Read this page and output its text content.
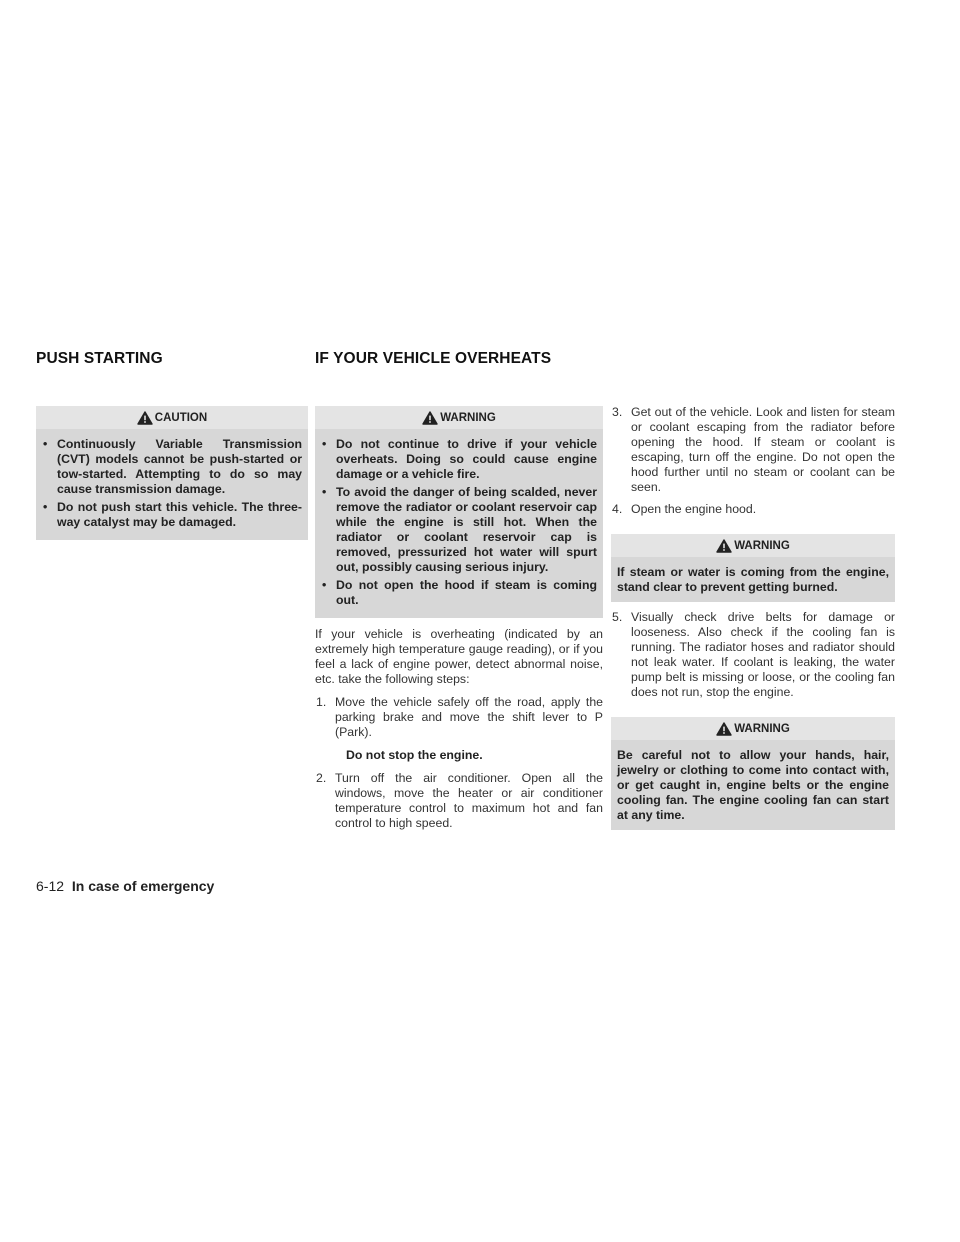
PUSH STARTING	IF YOUR VEHICLE OVERHEATS
CAUTION
• Continuously Variable Transmission (CVT) models cannot be push-started or tow-started. Attempting to do so may cause transmission damage.
• Do not push start this vehicle. The three-way catalyst may be damaged.
WARNING
• Do not continue to drive if your vehicle overheats. Doing so could cause engine damage or a vehicle fire.
• To avoid the danger of being scalded, never remove the radiator or coolant reservoir cap while the engine is still hot. When the radiator or coolant reservoir cap is removed, pressurized hot water will spurt out, possibly causing serious injury.
• Do not open the hood if steam is coming out.

If your vehicle is overheating (indicated by an extremely high temperature gauge reading), or if you feel a lack of engine power, detect abnormal noise, etc. take the following steps:

1. Move the vehicle safely off the road, apply the parking brake and move the shift lever to P (Park).

Do not stop the engine.

2. Turn off the air conditioner. Open all the windows, move the heater or air conditioner temperature control to maximum hot and fan control to high speed.
3. Get out of the vehicle. Look and listen for steam or coolant escaping from the radiator before opening the hood. If steam or coolant is escaping, turn off the engine. Do not open the hood further until no steam or coolant can be seen.
4. Open the engine hood.
WARNING

If steam or water is coming from the engine, stand clear to prevent getting burned.

5. Visually check drive belts for damage or looseness. Also check if the cooling fan is running. The radiator hoses and radiator should not leak water. If coolant is leaking, the water pump belt is missing or loose, or the cooling fan does not run, stop the engine.
WARNING

Be careful not to allow your hands, hair, jewelry or clothing to come into contact with, or get caught in, engine belts or the engine cooling fan. The engine cooling fan can start at any time.

6-12 In case of emergency
